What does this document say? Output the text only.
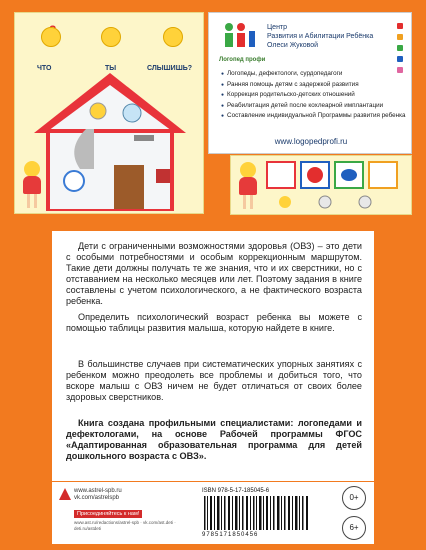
ЧТО	ТЫ	СЛЫШИШЬ?
Логопед профи
Центр
Развития и Абилитации Ребёнка
Олеси Жуковой
● Логопеды, дефектологи, сурдопедагоги
● Ранняя помощь детям с задержкой развития
● Коррекция родительско-детских отношений
● Реабилитация детей после кохлеарной имплантации
● Составление индивидуальной Программы развития ребенка
www.logopedprofi.ru

Дети с ограниченными возможностями здоровья (ОВЗ) – это дети с особыми потребностями и особым коррекционным маршрутом. Такие дети должны получать те же знания, что и их сверстники, но с отставанием на несколько месяцев или лет. Поэтому задания в книге составлены с учетом психологического, а не фактического возраста ребенка.

Определить психологический возраст ребенка вы можете с помощью таблицы развития малыша, которую найдете в книге.

В большинстве случаев при систематических упорных занятиях с ребенком можно преодолеть все проблемы и добиться того, что вскоре малыш с ОВЗ ничем не будет отличаться от своих более здоровых сверстников.

Книга создана профильными специалистами: логопедами и дефектологами, на основе Рабочей программы ФГОС «Адаптированная образовательная программа для детей дошкольного возраста с ОВЗ».

www.astrel-spb.ru
vk.com/astrelspb
Присоединяйтесь к нам!
www.ast.ru/redactions/astrel-spb · vk.com/ast.deti · deti.ru/astdeti
ISBN 978-5-17-185045-6
9785171850456
0+
6+
